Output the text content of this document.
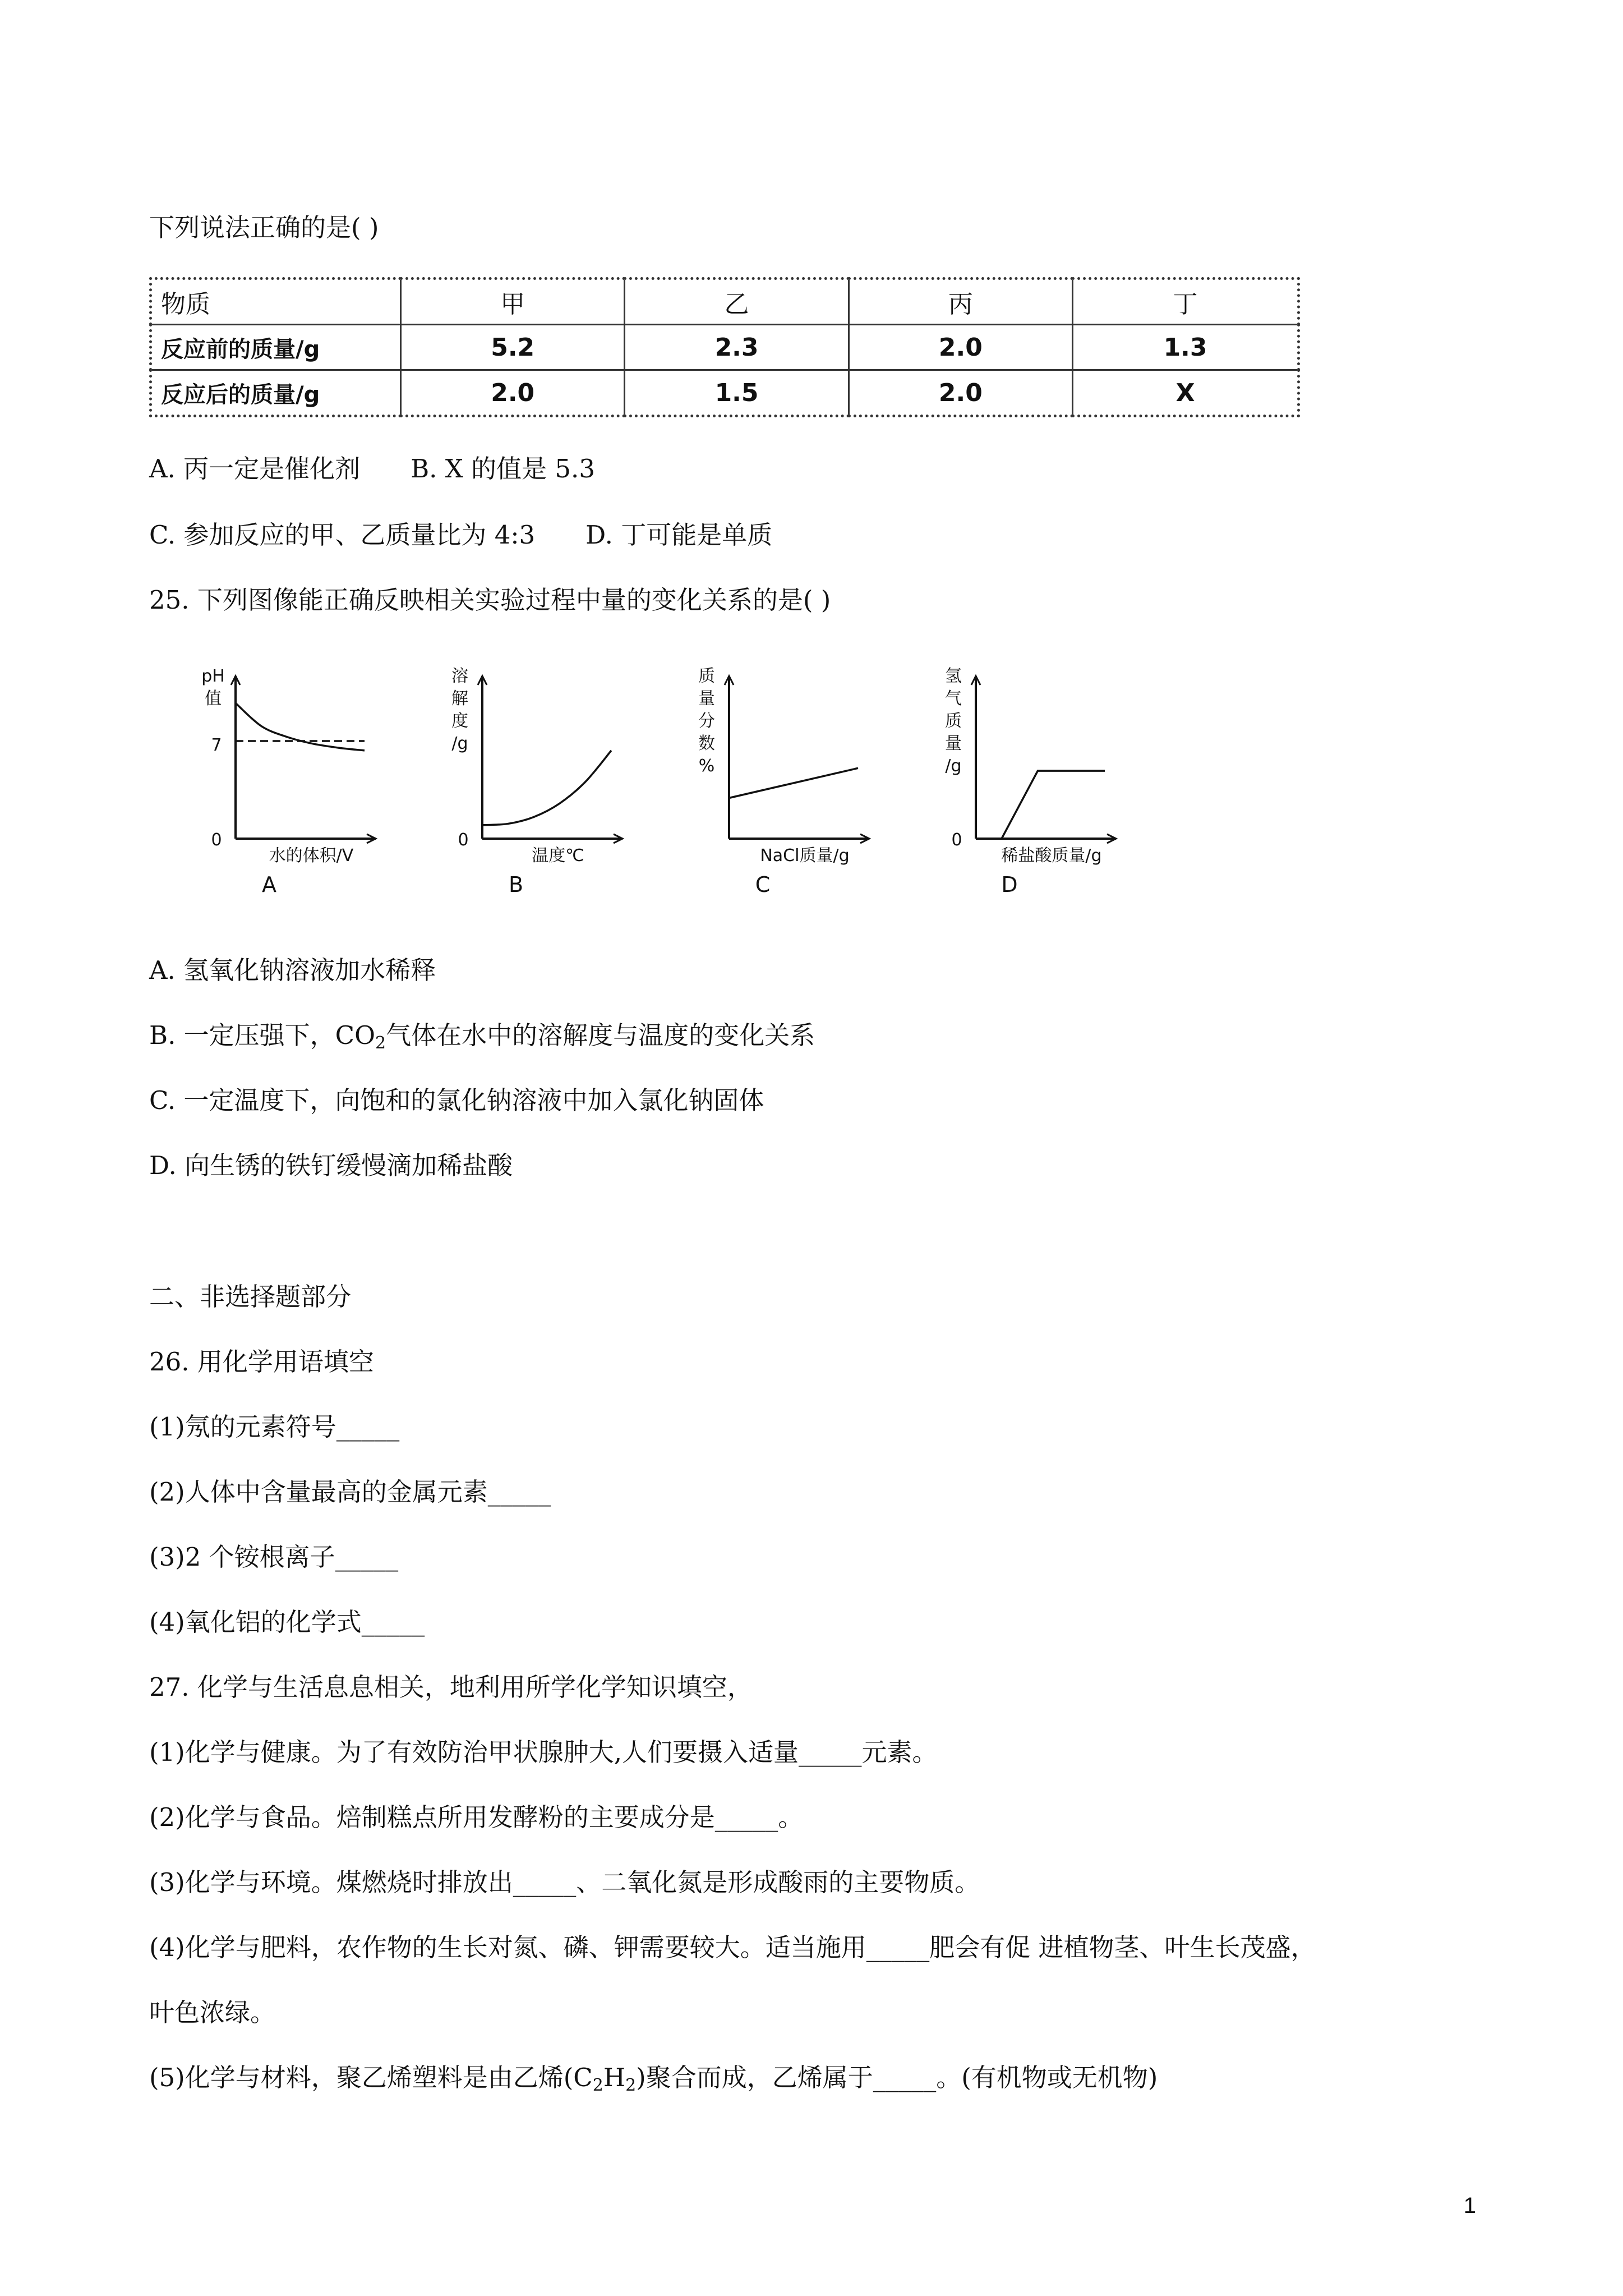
下列说法正确的是( )
物质	甲	乙	丙	丁
反应前的质量/g	5.2	2.3	2.0	1.3
反应后的质量/g	2.0	1.5	2.0	X
A. 丙一定是催化剂 B. X 的值是 5.3
C. 参加反应的甲、乙质量比为 4:3 D. 丁可能是单质
25. 下列图像能正确反映相关实验过程中量的变化关系的是( )
pH
值
0
7
水的体积/V
A
溶
解
度
/g
0
温度℃
B
质
量
分
数
%
NaCl质量/g
C
氢
气
质
量
/g
0
稀盐酸质量/g
D
A. 氢氧化钠溶液加水稀释
B. 一定压强下，$CO_2$气体在水中的溶解度与温度的变化关系
C. 一定温度下，向饱和的氯化钠溶液中加入氯化钠固体
D. 向生锈的铁钉缓慢滴加稀盐酸
二、非选择题部分
26. 用化学用语填空
(1)氖的元素符号_____
(2)人体中含量最高的金属元素_____
(3)2 个铵根离子_____
(4)氧化铝的化学式_____
27. 化学与生活息息相关，地利用所学化学知识填空，
(1)化学与健康。为了有效防治甲状腺肿大,人们要摄入适量_____元素。
(2)化学与食品。焙制糕点所用发酵粉的主要成分是_____。
(3)化学与环境。煤燃烧时排放出_____、二氧化氮是形成酸雨的主要物质。
(4)化学与肥料，农作物的生长对氮、磷、钾需要较大。适当施用_____肥会有促 进植物茎、叶生长茂盛，
叶色浓绿。
(5)化学与材料，聚乙烯塑料是由乙烯$(C_2H_2)$聚合而成，乙烯属于_____。(有机物或无机物)
1
